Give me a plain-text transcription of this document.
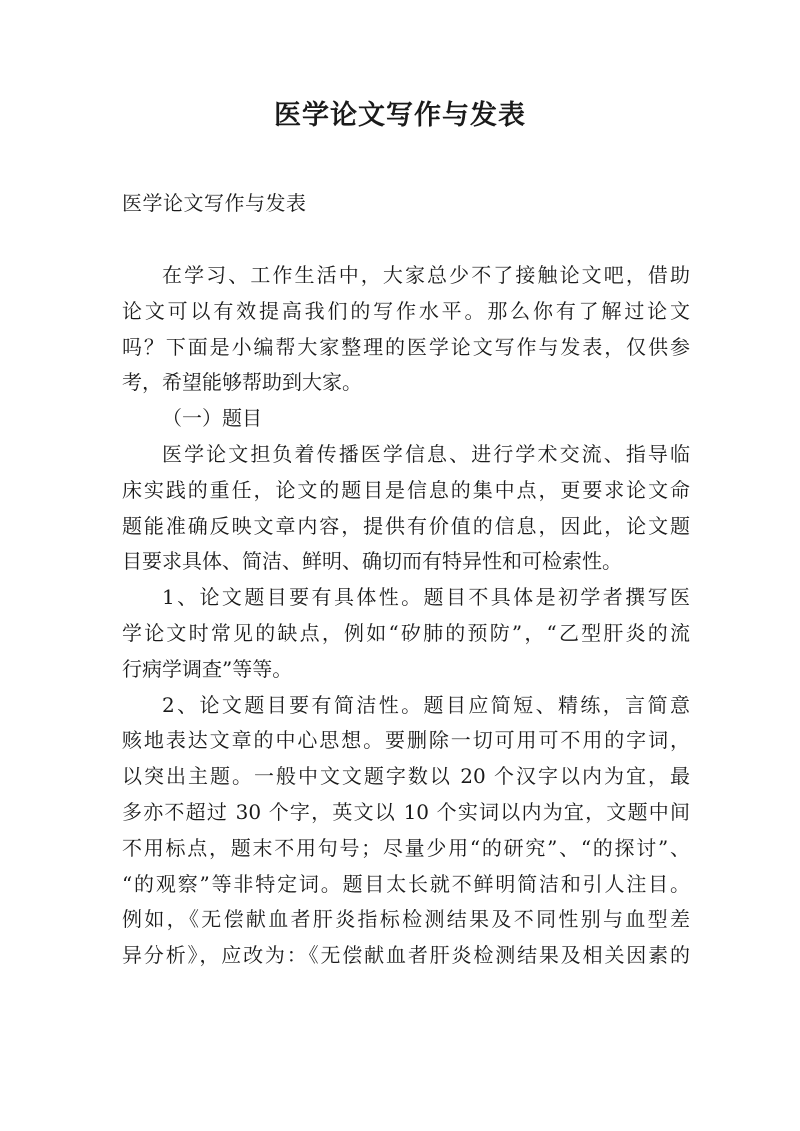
医学论文写作与发表
医学论文写作与发表
在学习、工作生活中，大家总少不了接触论文吧，借助
论文可以有效提高我们的写作水平。那么你有了解过论文
吗？下面是小编帮大家整理的医学论文写作与发表，仅供参
考，希望能够帮助到大家。
（一）题目
医学论文担负着传播医学信息、进行学术交流、指导临
床实践的重任，论文的题目是信息的集中点，更要求论文命
题能准确反映文章内容，提供有价值的信息，因此，论文题
目要求具体、简洁、鲜明、确切而有特异性和可检索性。
1、论文题目要有具体性。题目不具体是初学者撰写医
学论文时常见的缺点，例如“矽肺的预防”，“乙型肝炎的流
行病学调查”等等。
2、论文题目要有简洁性。题目应简短、精练，言简意
赅地表达文章的中心思想。要删除一切可用可不用的字词，
以突出主题。一般中文文题字数以 20 个汉字以内为宜，最
多亦不超过 30 个字，英文以 10 个实词以内为宜，文题中间
不用标点，题末不用句号；尽量少用“的研究”、“的探讨”、
“的观察”等非特定词。题目太长就不鲜明简洁和引人注目。
例如，《无偿献血者肝炎指标检测结果及不同性别与血型差
异分析》，应改为：《无偿献血者肝炎检测结果及相关因素的
